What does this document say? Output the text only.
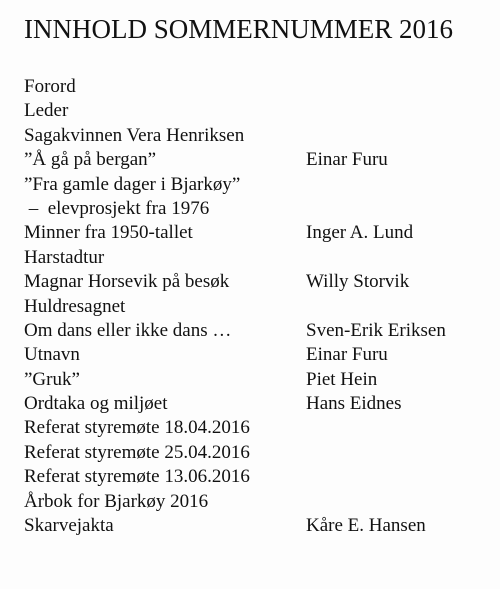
INNHOLD SOMMERNUMMER 2016
Forord
Leder
Sagakvinnen Vera Henriksen
”Å gå på bergan”	Einar Furu
”Fra gamle dager i Bjarkøy”
–  elevprosjekt fra 1976
Minner fra 1950-tallet	Inger A. Lund
Harstadtur
Magnar Horsevik på besøk	Willy Storvik
Huldresagnet
Om dans eller ikke dans …	Sven-Erik Eriksen
Utnavn	Einar Furu
”Gruk”	Piet Hein
Ordtaka og miljøet	Hans Eidnes
Referat styremøte 18.04.2016
Referat styremøte 25.04.2016
Referat styremøte 13.06.2016
Årbok for Bjarkøy 2016
Skarvejakta	Kåre E. Hansen
